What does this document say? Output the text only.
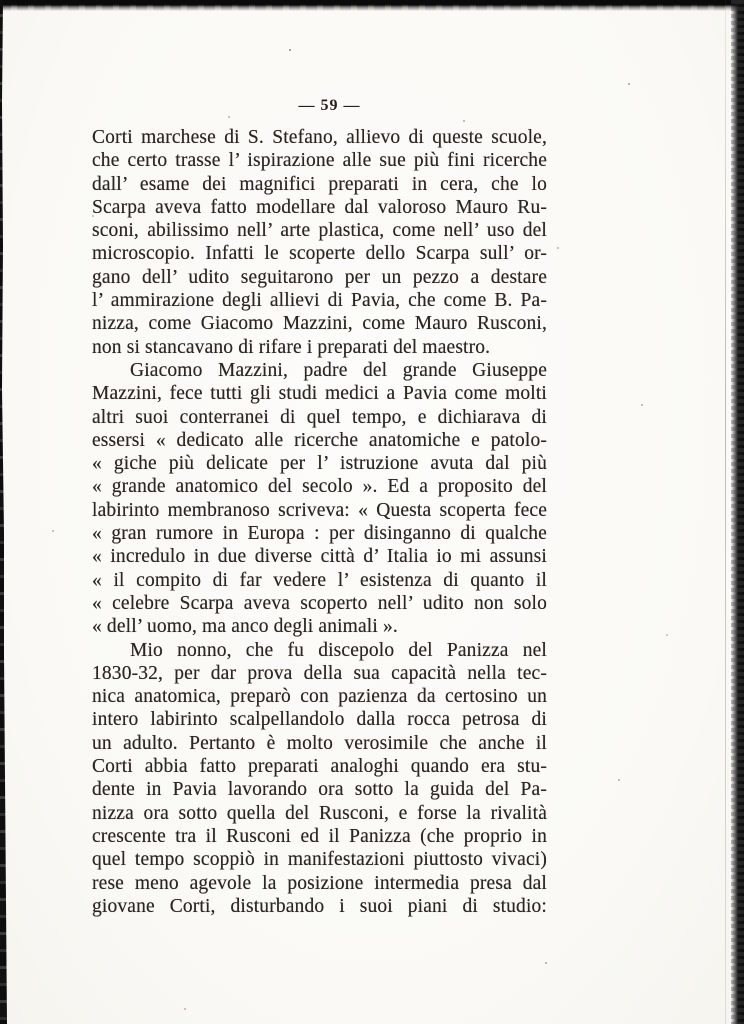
— 59 —
Corti marchese di S. Stefano, allievo di queste scuole,
che certo trasse l’ ispirazione alle sue più fini ricerche
dall’ esame dei magnifici preparati in cera, che lo
Scarpa aveva fatto modellare dal valoroso Mauro Ru-
sconi, abilissimo nell’ arte plastica, come nell’ uso del
microscopio. Infatti le scoperte dello Scarpa sull’ or-
gano dell’ udito seguitarono per un pezzo a destare
l’ ammirazione degli allievi di Pavia, che come B. Pa-
nizza, come Giacomo Mazzini, come Mauro Rusconi,
non si stancavano di rifare i preparati del maestro.
Giacomo Mazzini, padre del grande Giuseppe
Mazzini, fece tutti gli studi medici a Pavia come molti
altri suoi conterranei di quel tempo, e dichiarava di
essersi « dedicato alle ricerche anatomiche e patolo-
« giche più delicate per l’ istruzione avuta dal più
« grande anatomico del secolo ». Ed a proposito del
labirinto membranoso scriveva: « Questa scoperta fece
« gran rumore in Europa : per disinganno di qualche
« incredulo in due diverse città d’ Italia io mi assunsi
« il compito di far vedere l’ esistenza di quanto il
« celebre Scarpa aveva scoperto nell’ udito non solo
« dell’ uomo, ma anco degli animali ».
Mio nonno, che fu discepolo del Panizza nel
1830-32, per dar prova della sua capacità nella tec-
nica anatomica, preparò con pazienza da certosino un
intero labirinto scalpellandolo dalla rocca petrosa di
un adulto. Pertanto è molto verosimile che anche il
Corti abbia fatto preparati analoghi quando era stu-
dente in Pavia lavorando ora sotto la guida del Pa-
nizza ora sotto quella del Rusconi, e forse la rivalità
crescente tra il Rusconi ed il Panizza (che proprio in
quel tempo scoppiò in manifestazioni piuttosto vivaci)
rese meno agevole la posizione intermedia presa dal
giovane Corti, disturbando i suoi piani di studio:
